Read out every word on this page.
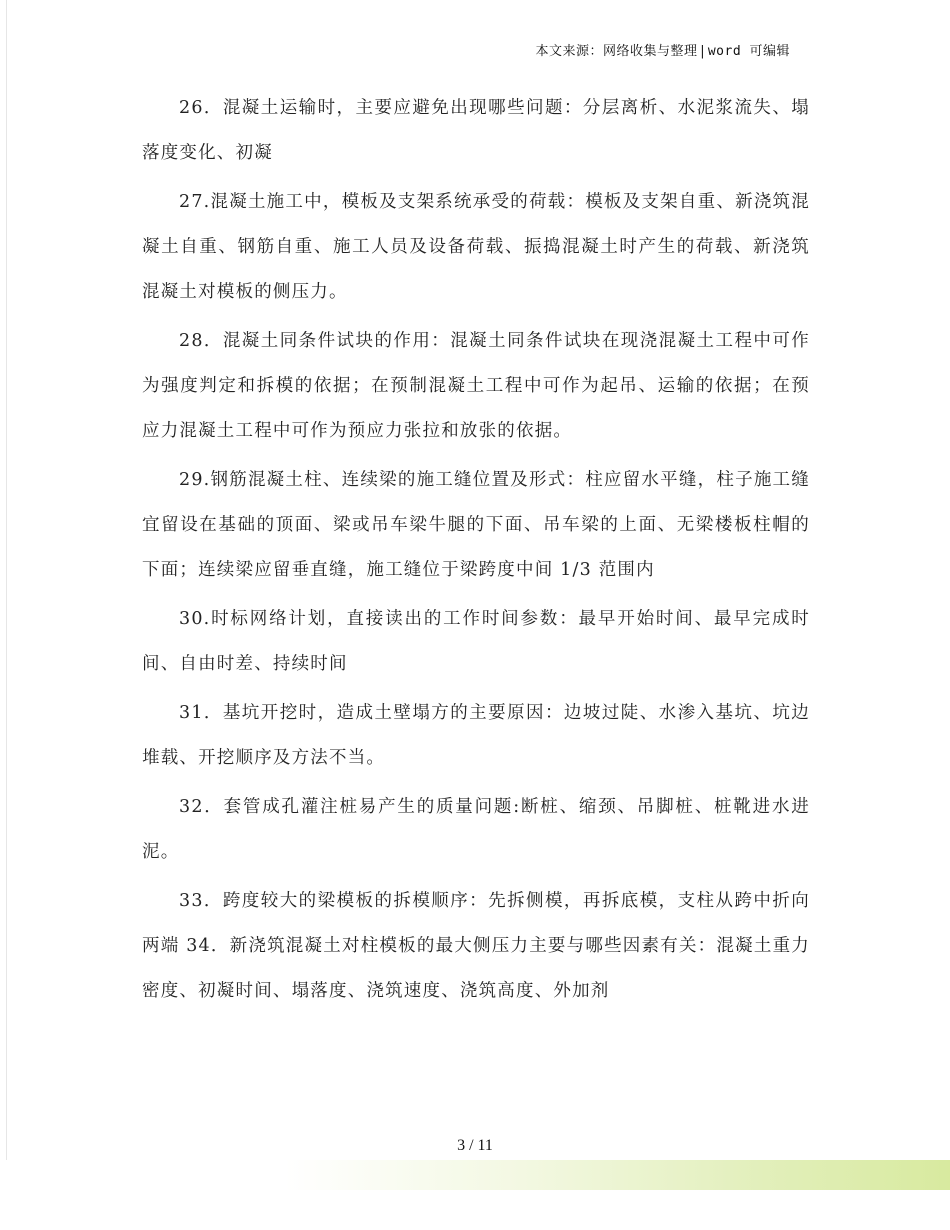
本文来源：网络收集与整理|word 可编辑

26．混凝土运输时，主要应避免出现哪些问题：分层离析、水泥浆流失、塌落度变化、初凝

27.混凝土施工中，模板及支架系统承受的荷载：模板及支架自重、新浇筑混凝土自重、钢筋自重、施工人员及设备荷载、振捣混凝土时产生的荷载、新浇筑混凝土对模板的侧压力。

28．混凝土同条件试块的作用：混凝土同条件试块在现浇混凝土工程中可作为强度判定和拆模的依据；在预制混凝土工程中可作为起吊、运输的依据；在预应力混凝土工程中可作为预应力张拉和放张的依据。

29.钢筋混凝土柱、连续梁的施工缝位置及形式：柱应留水平缝，柱子施工缝宜留设在基础的顶面、梁或吊车梁牛腿的下面、吊车梁的上面、无梁楼板柱帽的下面；连续梁应留垂直缝，施工缝位于梁跨度中间 1/3 范围内

30.时标网络计划，直接读出的工作时间参数：最早开始时间、最早完成时间、自由时差、持续时间

31．基坑开挖时，造成土壁塌方的主要原因：边坡过陡、水渗入基坑、坑边堆载、开挖顺序及方法不当。

32．套管成孔灌注桩易产生的质量问题:断桩、缩颈、吊脚桩、桩靴进水进泥。

33．跨度较大的梁模板的拆模顺序：先拆侧模，再拆底模，支柱从跨中折向两端 34．新浇筑混凝土对柱模板的最大侧压力主要与哪些因素有关：混凝土重力密度、初凝时间、塌落度、浇筑速度、浇筑高度、外加剂

3 / 11
